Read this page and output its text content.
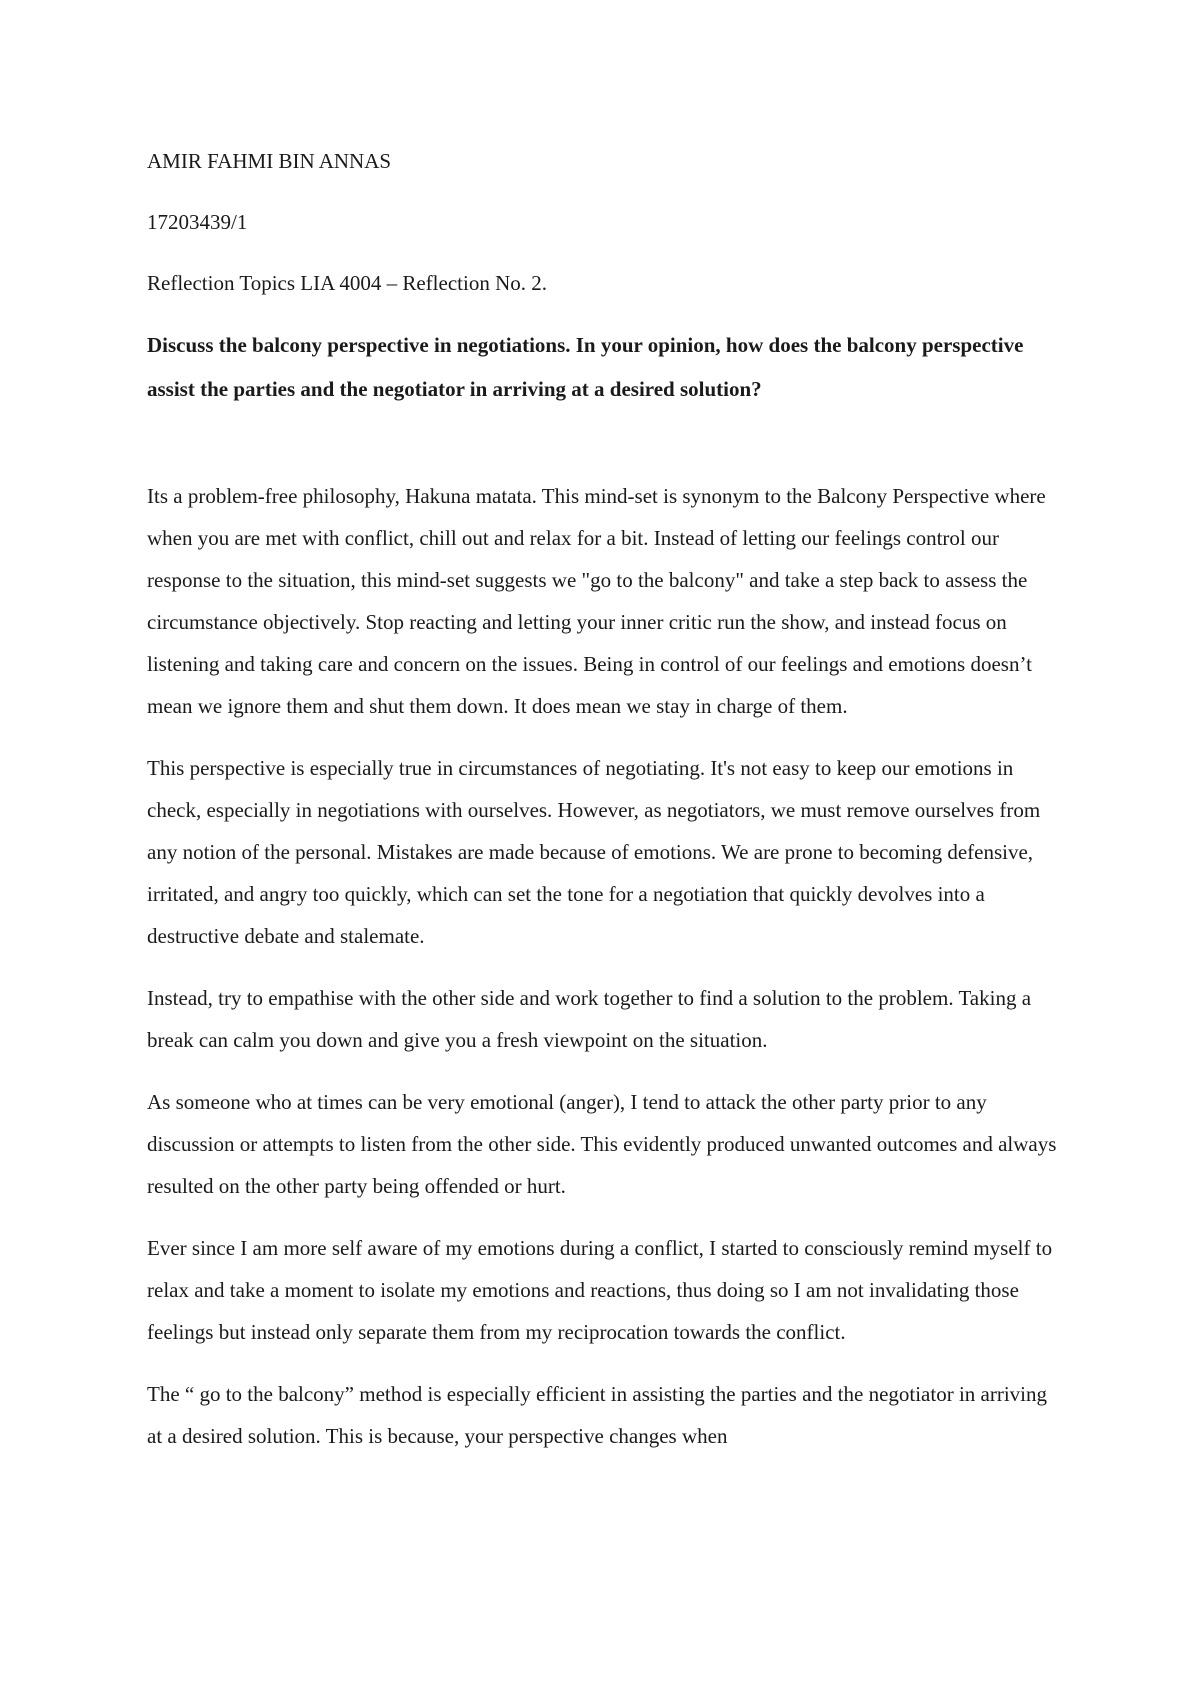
AMIR FAHMI BIN ANNAS

17203439/1

Reflection Topics LIA 4004 – Reflection No. 2.

Discuss the balcony perspective in negotiations. In your opinion, how does the balcony perspective assist the parties and the negotiator in arriving at a desired solution?

Its a problem-free philosophy, Hakuna matata. This mind-set is synonym to the Balcony Perspective where when you are met with conflict, chill out and relax for a bit. Instead of letting our feelings control our response to the situation, this mind-set suggests we "go to the balcony" and take a step back to assess the circumstance objectively. Stop reacting and letting your inner critic run the show, and instead focus on listening and taking care and concern on the issues. Being in control of our feelings and emotions doesn’t mean we ignore them and shut them down. It does mean we stay in charge of them.

This perspective is especially true in circumstances of negotiating. It's not easy to keep our emotions in check, especially in negotiations with ourselves. However, as negotiators, we must remove ourselves from any notion of the personal. Mistakes are made because of emotions. We are prone to becoming defensive, irritated, and angry too quickly, which can set the tone for a negotiation that quickly devolves into a destructive debate and stalemate.

Instead, try to empathise with the other side and work together to find a solution to the problem. Taking a break can calm you down and give you a fresh viewpoint on the situation.

As someone who at times can be very emotional (anger), I tend to attack the other party prior to any discussion or attempts to listen from the other side. This evidently produced unwanted outcomes and always resulted on the other party being offended or hurt.

Ever since I am more self aware of my emotions during a conflict, I started to consciously remind myself to relax and take a moment to isolate my emotions and reactions, thus doing so I am not invalidating those feelings but instead only separate them from my reciprocation towards the conflict.

The “ go to the balcony” method is especially efficient in assisting the parties and the negotiator in arriving at a desired solution. This is because, your perspective changes when
